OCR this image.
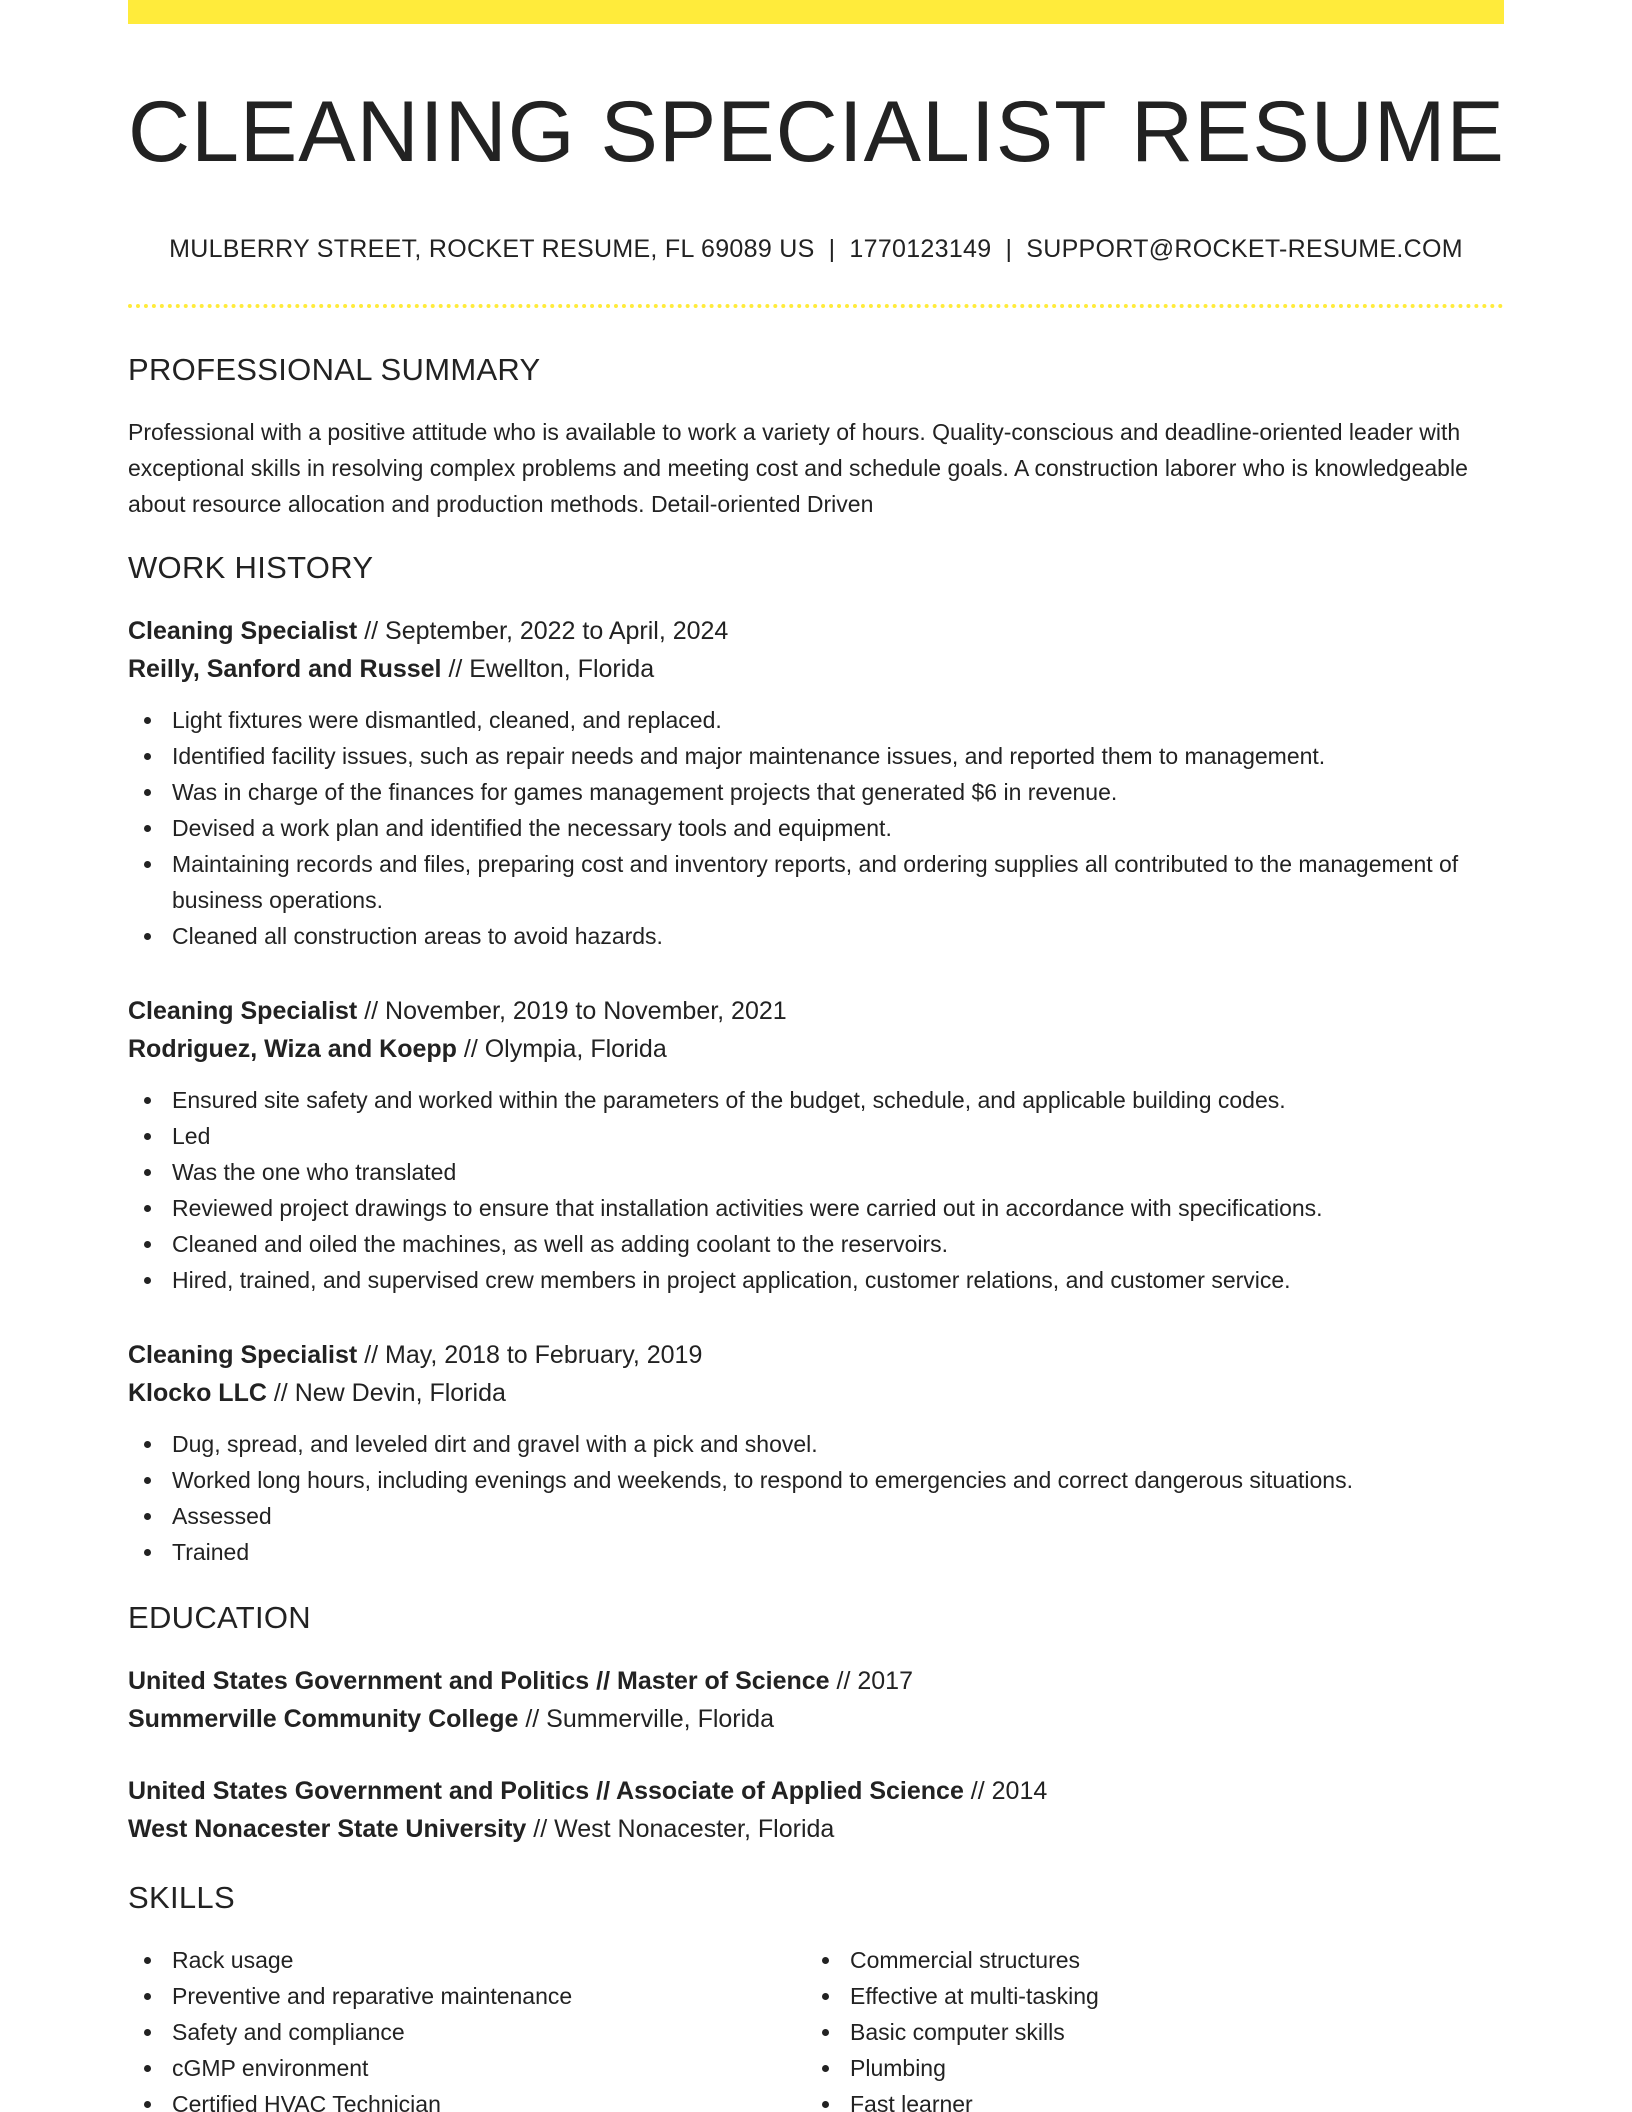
CLEANING SPECIALIST RESUME
MULBERRY STREET, ROCKET RESUME, FL 69089 US | 1770123149 | SUPPORT@ROCKET-RESUME.COM
PROFESSIONAL SUMMARY

Professional with a positive attitude who is available to work a variety of hours. Quality-conscious and deadline-oriented leader with exceptional skills in resolving complex problems and meeting cost and schedule goals. A construction laborer who is knowledgeable about resource allocation and production methods. Detail-oriented Driven

WORK HISTORY
Cleaning Specialist // September, 2022 to April, 2024
Reilly, Sanford and Russel // Ewellton, Florida
Light fixtures were dismantled, cleaned, and replaced.
Identified facility issues, such as repair needs and major maintenance issues, and reported them to management.
Was in charge of the finances for games management projects that generated $6 in revenue.
Devised a work plan and identified the necessary tools and equipment.
Maintaining records and files, preparing cost and inventory reports, and ordering supplies all contributed to the management of business operations.
Cleaned all construction areas to avoid hazards.
Cleaning Specialist // November, 2019 to November, 2021
Rodriguez, Wiza and Koepp // Olympia, Florida
Ensured site safety and worked within the parameters of the budget, schedule, and applicable building codes.
Led
Was the one who translated
Reviewed project drawings to ensure that installation activities were carried out in accordance with specifications.
Cleaned and oiled the machines, as well as adding coolant to the reservoirs.
Hired, trained, and supervised crew members in project application, customer relations, and customer service.
Cleaning Specialist // May, 2018 to February, 2019
Klocko LLC // New Devin, Florida
Dug, spread, and leveled dirt and gravel with a pick and shovel.
Worked long hours, including evenings and weekends, to respond to emergencies and correct dangerous situations.
Assessed
Trained
EDUCATION
United States Government and Politics // Master of Science // 2017
Summerville Community College // Summerville, Florida
United States Government and Politics // Associate of Applied Science // 2014
West Nonacester State University // West Nonacester, Florida
SKILLS
Rack usage
Preventive and reparative maintenance
Safety and compliance
cGMP environment
Certified HVAC Technician
Commercial structures
Effective at multi-tasking
Basic computer skills
Plumbing
Fast learner
